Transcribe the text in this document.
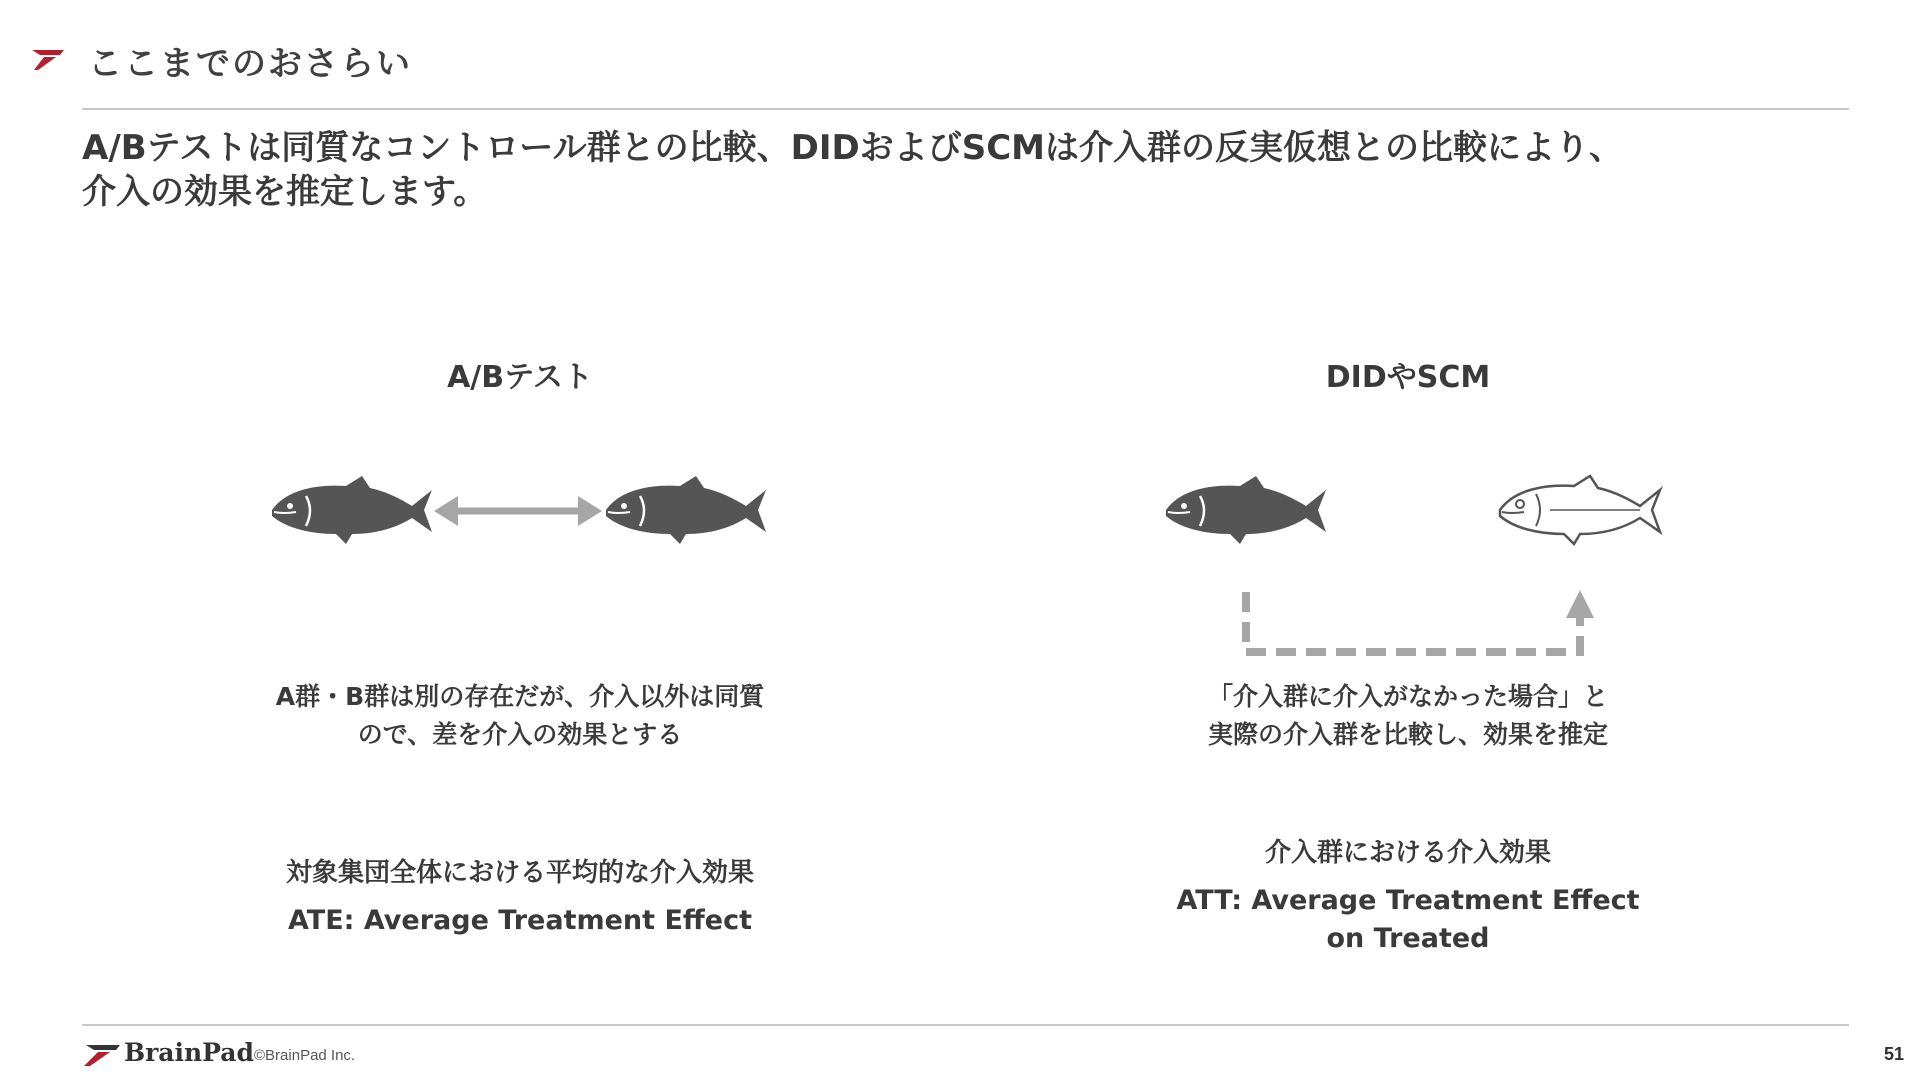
ここまでのおさらい
A/Bテストは同質なコントロール群との比較、DIDおよびSCMは介入群の反実仮想との比較により、
介入の効果を推定します。
A/Bテスト
A群・B群は別の存在だが、介入以外は同質
ので、差を介入の効果とする
対象集団全体における平均的な介入効果
ATE: Average Treatment Effect
DIDやSCM
「介入群に介入がなかった場合」と
実際の介入群を比較し、効果を推定
介入群における介入効果
ATT: Average Treatment Effect
on Treated
BrainPad ©BrainPad Inc.	51
